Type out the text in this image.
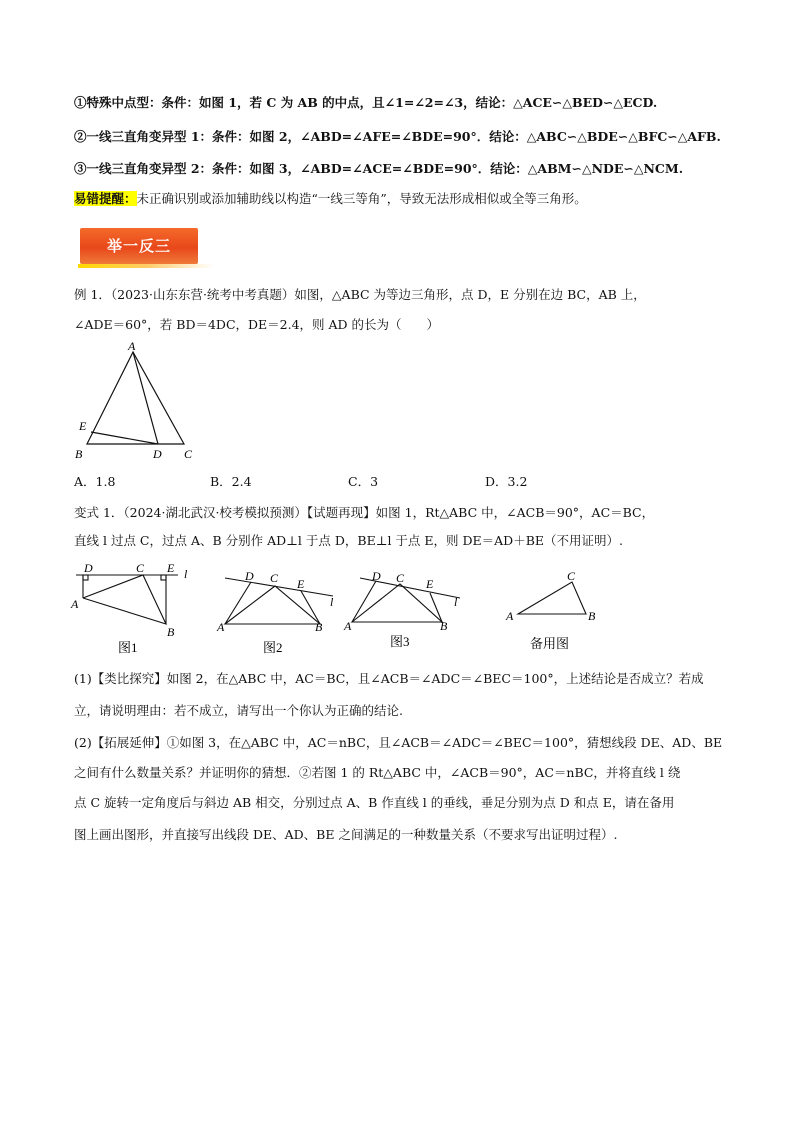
①特殊中点型：条件：如图 1，若 C 为 AB 的中点，且∠1=∠2=∠3，结论：△ACE∽△BED∽△ECD.
②一线三直角变异型 1：条件：如图 2，∠ABD=∠AFE=∠BDE=90°．结论：△ABC∽△BDE∽△BFC∽△AFB.
③一线三直角变异型 2：条件：如图 3，∠ABD=∠ACE=∠BDE=90°．结论：△ABM∽△NDE∽△NCM.
易错提醒：未正确识别或添加辅助线以构造“一线三等角”，导致无法形成相似或全等三角形。
举一反三
例 1．（2023·山东东营·统考中考真题）如图，△ABC 为等边三角形，点 D，E 分别在边 BC，AB 上，
∠ADE＝60°，若 BD＝4DC，DE＝2.4，则 AD 的长为（　　）
A
E
B	D C
A．1.8	B．2.4	C．3	D．3.2
变式 1．（2024·湖北武汉·校考模拟预测）【试题再现】如图 1，Rt△ABC 中，∠ACB＝90°，AC＝BC，
直线 l 过点 C，过点 A、B 分别作 AD⊥l 于点 D，BE⊥l 于点 E，则 DE＝AD＋BE（不用证明）.
D	C E l
A
B
图1
D C E
l
A	B
图2
D C E
l
A	B
图3
C
A	B
备用图
(1)【类比探究】如图 2，在△ABC 中，AC＝BC，且∠ACB＝∠ADC＝∠BEC＝100°，上述结论是否成立？若成
立，请说明理由：若不成立，请写出一个你认为正确的结论.
(2)【拓展延伸】①如图 3，在△ABC 中，AC＝nBC，且∠ACB＝∠ADC＝∠BEC＝100°，猜想线段 DE、AD、BE
之间有什么数量关系？并证明你的猜想．②若图 1 的 Rt△ABC 中，∠ACB＝90°，AC＝nBC，并将直线 l 绕
点 C 旋转一定角度后与斜边 AB 相交，分别过点 A、B 作直线 l 的垂线，垂足分别为点 D 和点 E，请在备用
图上画出图形，并直接写出线段 DE、AD、BE 之间满足的一种数量关系（不要求写出证明过程）.
